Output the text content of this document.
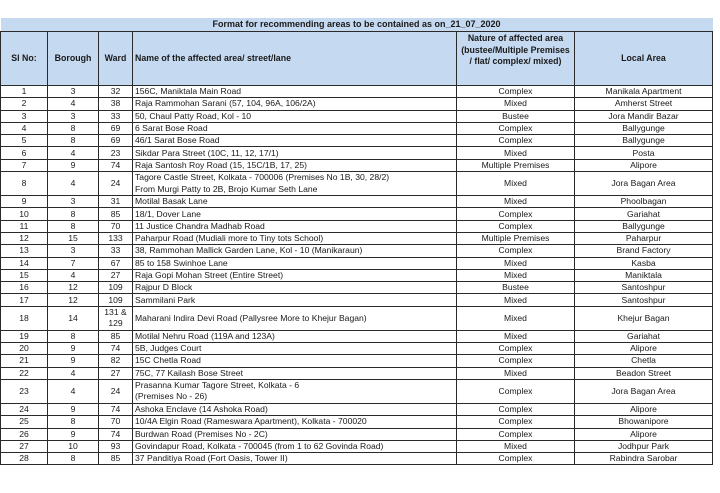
Format for recommending areas to be contained as on_21_07_2020					
Sl No:	Borough	Ward	Name of the affected area/ street/lane	Nature of affected area (bustee/Multiple Premises / flat/ complex/ mixed)	Local Area
1	3	32	156C, Maniktala Main Road	Complex	Manikala Apartment
2	4	38	Raja Rammohan Sarani (57, 104, 96A, 106/2A)	Mixed	Amherst Street
3	3	33	50, Chaul Patty Road, Kol - 10	Bustee	Jora Mandir Bazar
4	8	69	6 Sarat Bose Road	Complex	Ballygunge
5	8	69	46/1 Sarat Bose Road	Complex	Ballygunge
6	4	23	Sikdar Para Street (10C, 11, 12, 17/1)	Mixed	Posta
7	9	74	Raja Santosh Roy Road (15, 15C/1B, 17, 25)	Multiple Premises	Alipore
8	4	24	Tagore Castle Street, Kolkata - 700006 (Premises No 1B, 30, 28/2)
From Murgi Patty to 2B, Brojo Kumar Seth Lane	Mixed	Jora Bagan Area
9	3	31	Motilal Basak Lane	Mixed	Phoolbagan
10	8	85	18/1, Dover Lane	Complex	Gariahat
11	8	70	11 Justice Chandra Madhab Road	Complex	Ballygunge
12	15	133	Paharpur Road (Mudiali more to Tiny tots School)	Multiple Premises	Paharpur
13	3	33	38, Rammohan Mallick Garden Lane, Kol - 10 (Manikaraun)	Complex	Brand Factory
14	7	67	85 to 158 Swinhoe Lane	Mixed	Kasba
15	4	27	Raja Gopi Mohan Street (Entire Street)	Mixed	Maniktala
16	12	109	Rajpur D Block	Bustee	Santoshpur
17	12	109	Sammilani Park	Mixed	Santoshpur
18	14	131 & 129	Maharani Indira Devi Road (Pallysree More to Khejur Bagan)	Mixed	Khejur Bagan
19	8	85	Motilal Nehru Road (119A and 123A)	Mixed	Gariahat
20	9	74	5B, Judges Court	Complex	Alipore
21	9	82	15C Chetla Road	Complex	Chetla
22	4	27	75C, 77 Kailash Bose Street	Mixed	Beadon Street
23	4	24	Prasanna Kumar Tagore Street, Kolkata - 6
(Premises No - 26)	Complex	Jora Bagan Area
24	9	74	Ashoka Enclave (14 Ashoka Road)	Complex	Alipore
25	8	70	10/4A Elgin Road (Rameswara Apartment), Kolkata - 700020	Complex	Bhowanipore
26	9	74	Burdwan Road (Premises No - 2C)	Complex	Alipore
27	10	93	Govindapur Road, Kolkata - 700045 (from 1 to 62 Govinda Road)	Mixed	Jodhpur Park
28	8	85	37 Panditiya Road (Fort Oasis, Tower II)	Complex	Rabindra Sarobar
